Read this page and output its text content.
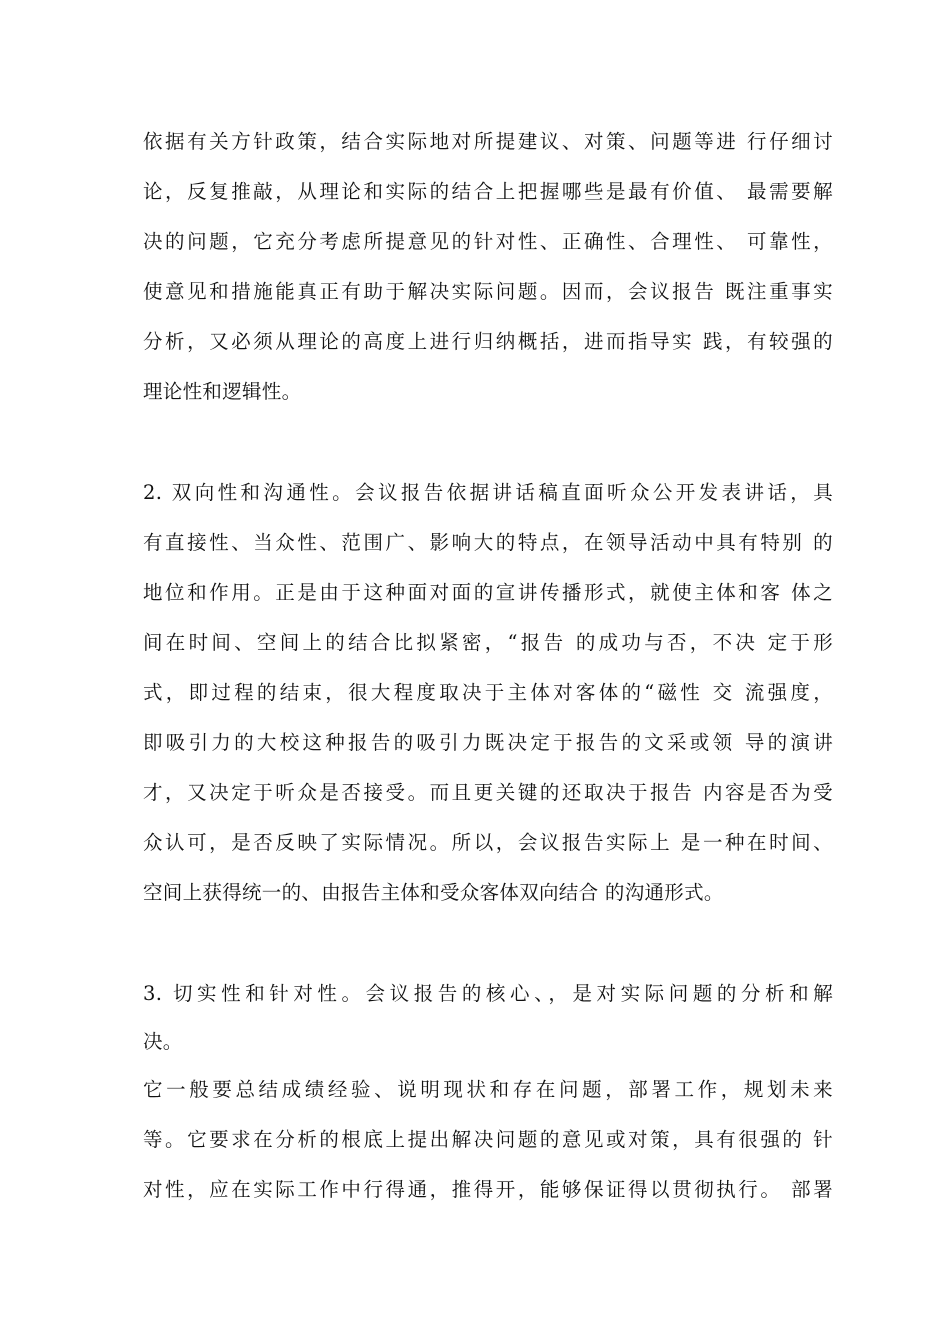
依据有关方针政策，结合实际地对所提建议、对策、问题等进 行仔细讨
论，反复推敲，从理论和实际的结合上把握哪些是最有价值、 最需要解
决的问题，它充分考虑所提意见的针对性、正确性、合理性、 可靠性，
使意见和措施能真正有助于解决实际问题。因而，会议报告 既注重事实
分析，又必须从理论的高度上进行归纳概括，进而指导实 践，有较强的
理论性和逻辑性。
2. 双向性和沟通性。会议报告依据讲话稿直面听众公开发表讲话，具
有直接性、当众性、范围广、影响大的特点，在领导活动中具有特别 的
地位和作用。正是由于这种面对面的宣讲传播形式，就使主体和客 体之
间在时间、空间上的结合比拟紧密，“报告 的成功与否，不决 定于形
式，即过程的结束，很大程度取决于主体对客体的“磁性 交 流强度，
即吸引力的大校这种报告的吸引力既决定于报告的文采或领 导的演讲
才，又决定于听众是否接受。而且更关键的还取决于报告 内容是否为受
众认可，是否反映了实际情况。所以，会议报告实际上 是一种在时间、
空间上获得统一的、由报告主体和受众客体双向结合 的沟通形式。
3. 切实性和针对性。会议报告的核心、，是对实际问题的分析和解
决。
它一般要总结成绩经验、说明现状和存在问题，部署工作，规划未来
等。它要求在分析的根底上提出解决问题的意见或对策，具有很强的 针
对性，应在实际工作中行得通，推得开，能够保证得以贯彻执行。 部署
